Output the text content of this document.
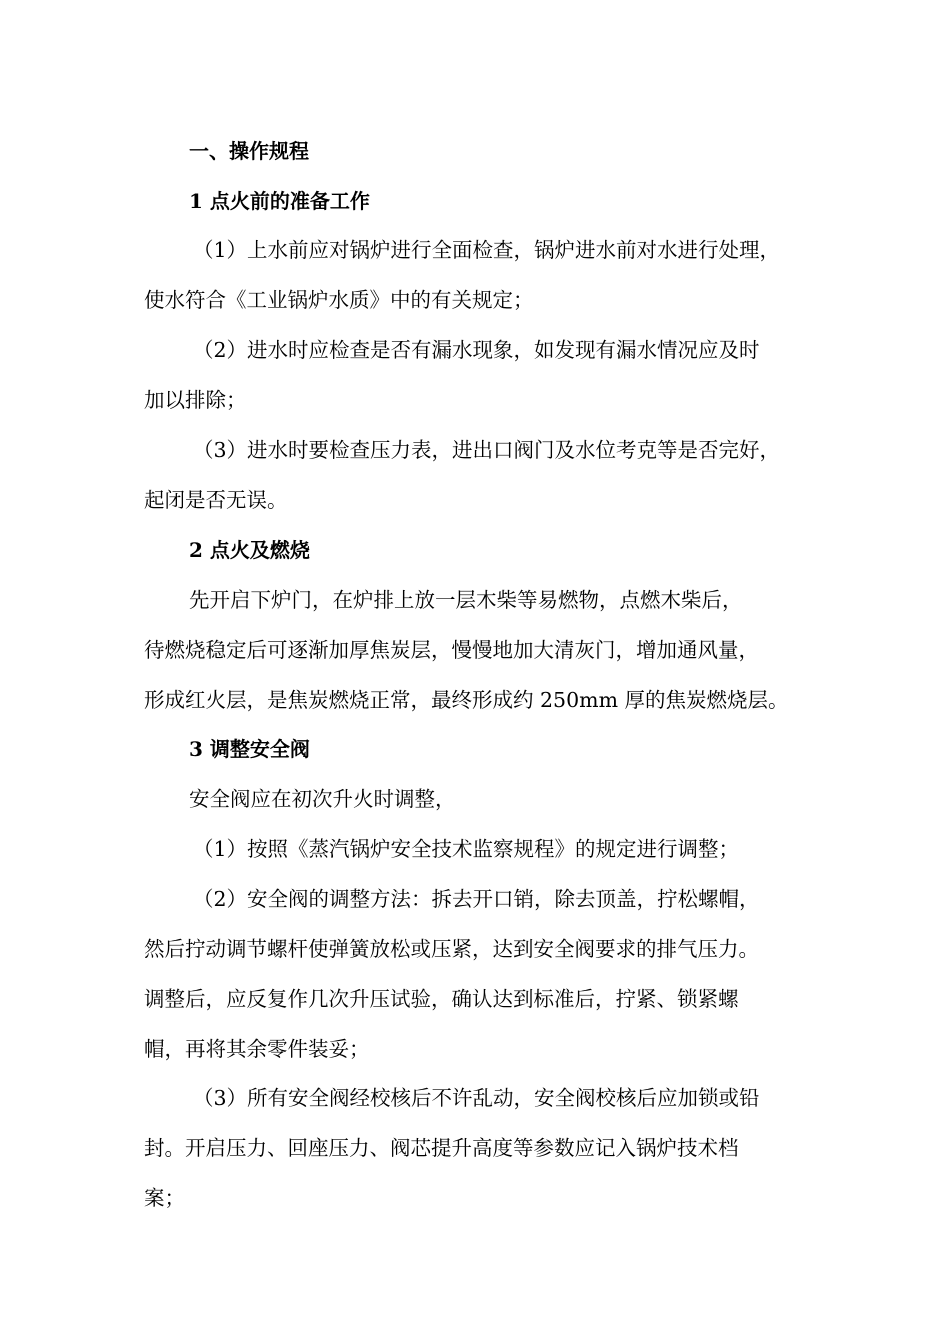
一、操作规程
1 点火前的准备工作
（1）上水前应对锅炉进行全面检查，锅炉进水前对水进行处理，
使水符合《工业锅炉水质》中的有关规定；
（2）进水时应检查是否有漏水现象，如发现有漏水情况应及时
加以排除；
（3）进水时要检查压力表，进出口阀门及水位考克等是否完好，
起闭是否无误。
2 点火及燃烧
先开启下炉门，在炉排上放一层木柴等易燃物，点燃木柴后，
待燃烧稳定后可逐渐加厚焦炭层，慢慢地加大清灰门，增加通风量，
形成红火层，是焦炭燃烧正常，最终形成约 250mm 厚的焦炭燃烧层。
3 调整安全阀
安全阀应在初次升火时调整，
（1）按照《蒸汽锅炉安全技术监察规程》的规定进行调整；
（2）安全阀的调整方法：拆去开口销，除去顶盖，拧松螺帽，
然后拧动调节螺杆使弹簧放松或压紧，达到安全阀要求的排气压力。
调整后，应反复作几次升压试验，确认达到标准后，拧紧、锁紧螺
帽，再将其余零件装妥；
（3）所有安全阀经校核后不许乱动，安全阀校核后应加锁或铅
封。开启压力、回座压力、阀芯提升高度等参数应记入锅炉技术档
案；
